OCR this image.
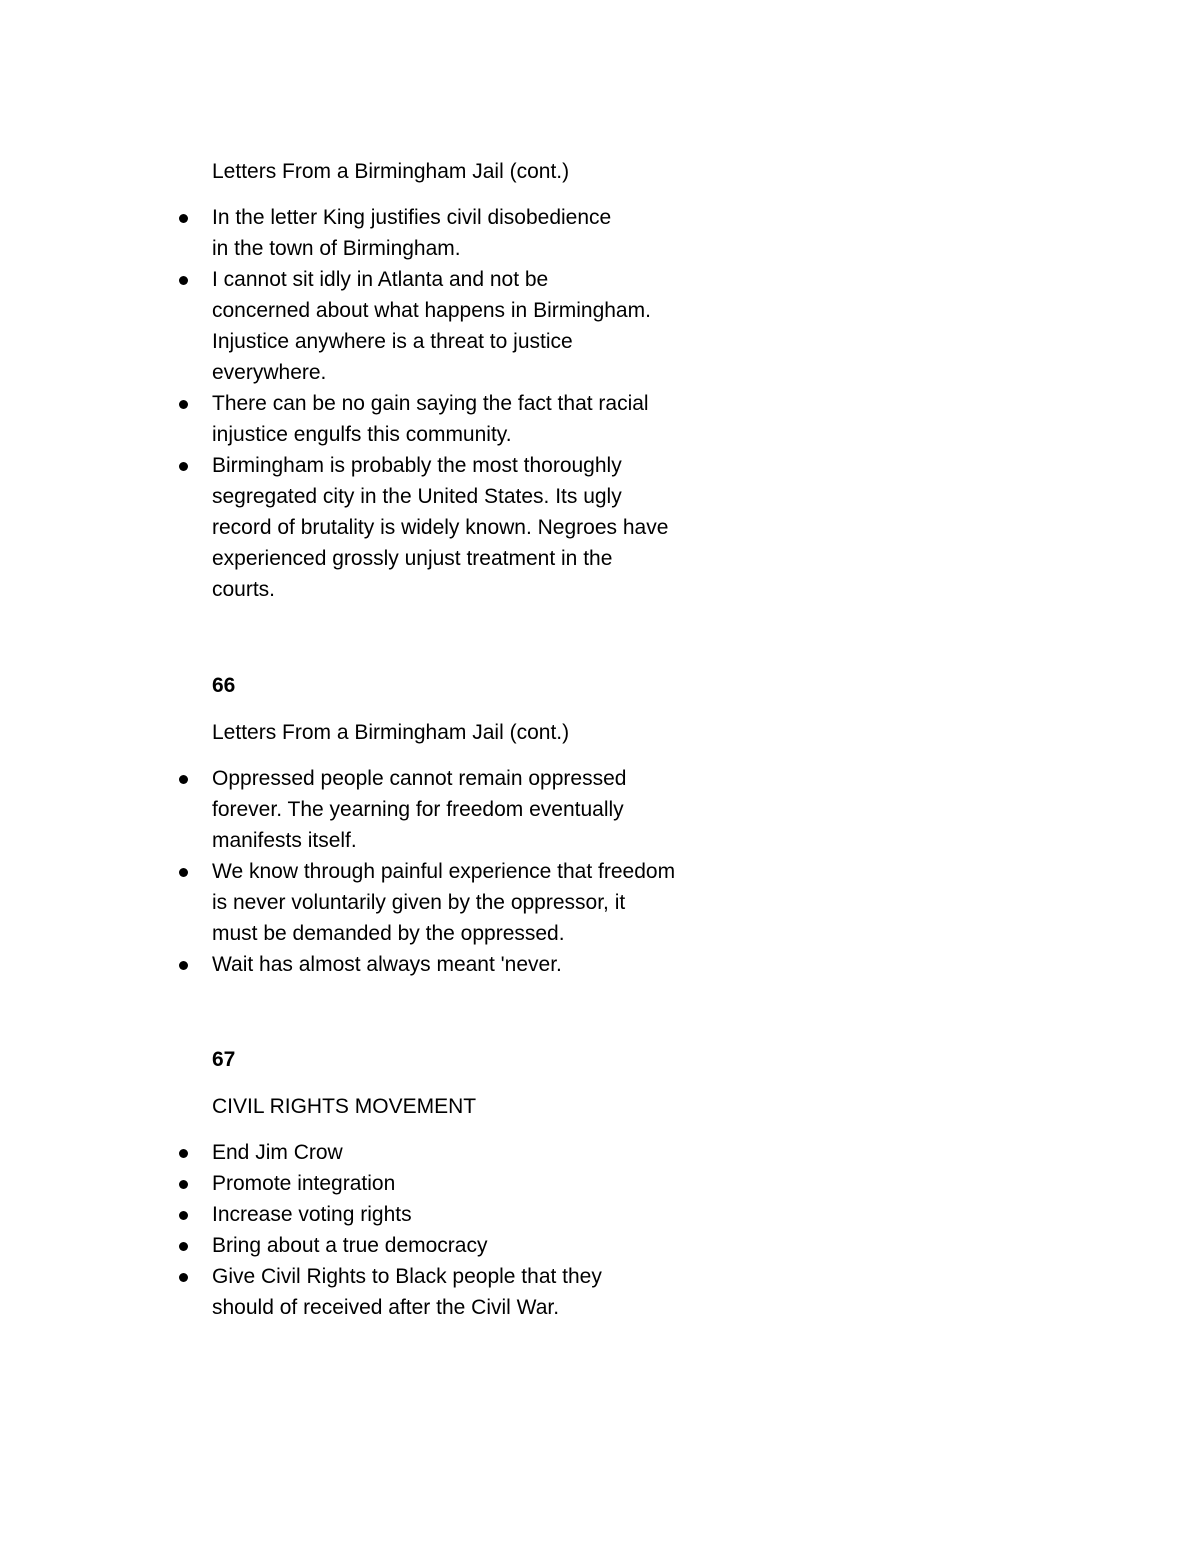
Letters From a Birmingham Jail (cont.)

In the letter King justifies civil disobedience
in the town of Birmingham.
I cannot sit idly in Atlanta and not be
concerned about what happens in Birmingham.
Injustice anywhere is a threat to justice
everywhere.
There can be no gain saying the fact that racial
injustice engulfs this community.
Birmingham is probably the most thoroughly
segregated city in the United States. Its ugly
record of brutality is widely known. Negroes have
experienced grossly unjust treatment in the
courts.

66

Letters From a Birmingham Jail (cont.)

Oppressed people cannot remain oppressed
forever. The yearning for freedom eventually
manifests itself.
We know through painful experience that freedom
is never voluntarily given by the oppressor, it
must be demanded by the oppressed.
Wait has almost always meant 'never.

67

CIVIL RIGHTS MOVEMENT

End Jim Crow
Promote integration
Increase voting rights
Bring about a true democracy
Give Civil Rights to Black people that they
should of received after the Civil War.
